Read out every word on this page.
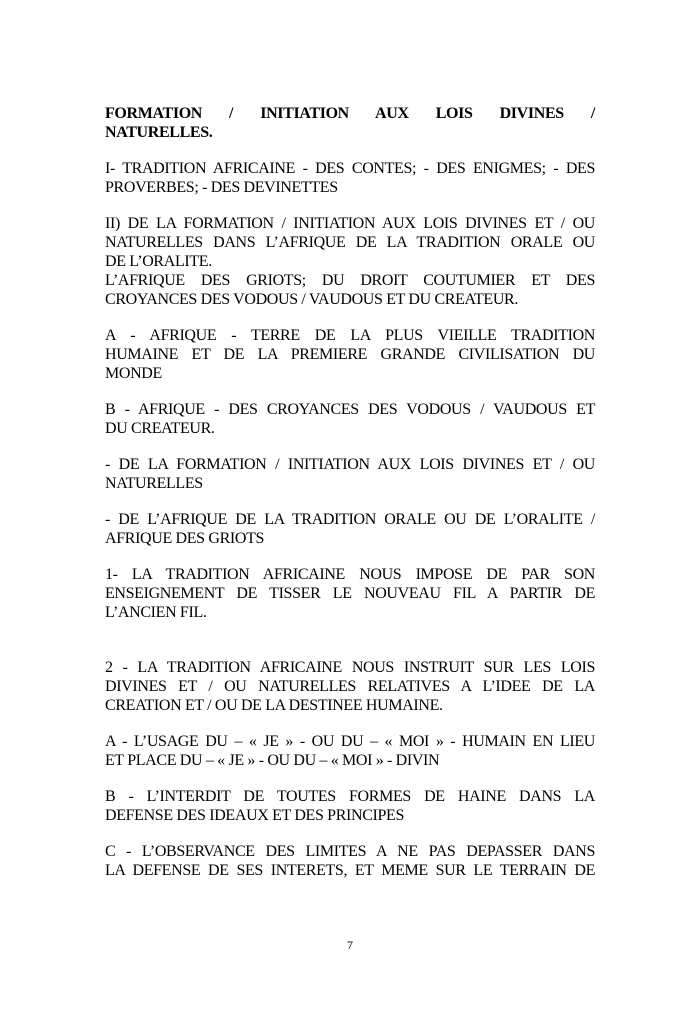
FORMATION / INITIATION AUX LOIS DIVINES /
NATURELLES.
I- TRADITION AFRICAINE - DES CONTES; - DES ENIGMES; - DES
PROVERBES; - DES DEVINETTES
II) DE LA FORMATION / INITIATION AUX LOIS DIVINES ET / OU
NATURELLES DANS L’AFRIQUE DE LA TRADITION ORALE OU
DE L’ORALITE.
L’AFRIQUE DES GRIOTS; DU DROIT COUTUMIER ET DES
CROYANCES DES VODOUS / VAUDOUS ET DU CREATEUR.
A - AFRIQUE - TERRE DE LA PLUS VIEILLE TRADITION
HUMAINE ET DE LA PREMIERE GRANDE CIVILISATION DU
MONDE
B - AFRIQUE - DES CROYANCES DES VODOUS / VAUDOUS ET
DU CREATEUR.
- DE LA FORMATION / INITIATION AUX LOIS DIVINES ET / OU
NATURELLES
- DE L’AFRIQUE DE LA TRADITION ORALE OU DE L’ORALITE /
AFRIQUE DES GRIOTS
1- LA TRADITION AFRICAINE NOUS IMPOSE DE PAR SON
ENSEIGNEMENT DE TISSER LE NOUVEAU FIL A PARTIR DE
L’ANCIEN FIL.
2 - LA TRADITION AFRICAINE NOUS INSTRUIT SUR LES LOIS
DIVINES ET / OU NATURELLES RELATIVES A L’IDEE DE LA
CREATION ET / OU DE LA DESTINEE HUMAINE.
A - L’USAGE DU – « JE » - OU DU – « MOI » - HUMAIN EN LIEU
ET PLACE DU – « JE » - OU DU – « MOI » - DIVIN
B - L’INTERDIT DE TOUTES FORMES DE HAINE DANS LA
DEFENSE DES IDEAUX ET DES PRINCIPES
C - L’OBSERVANCE DES LIMITES A NE PAS DEPASSER DANS
LA DEFENSE DE SES INTERETS, ET MEME SUR LE TERRAIN DE
7
